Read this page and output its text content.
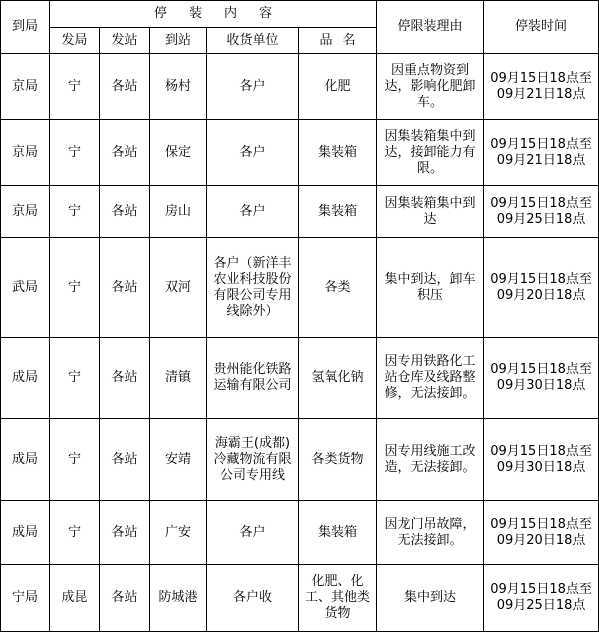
到局	停装内容					停限装理由	停装时间
	发局	发站	到站	收货单位	品名		
京局	宁	各站	杨村	各户	化肥	因重点物资到达，影响化肥卸车。	09月15日18点至
09月21日18点

京局	宁	各站	保定	各户	集装箱	因集装箱集中到达，接卸能力有限。	09月15日18点至
09月21日18点

京局	宁	各站	房山	各户	集装箱	因集装箱集中到达	09月15日18点至
09月25日18点

武局	宁	各站	双河	各户（新洋丰农业科技股份有限公司专用线除外）	各类	集中到达，卸车积压	09月15日18点至
09月20日18点

成局	宁	各站	清镇	贵州能化铁路运输有限公司	氢氧化钠	因专用铁路化工站仓库及线路整修，无法接卸。	09月15日18点至
09月30日18点

成局	宁	各站	安靖	海霸王(成都)冷藏物流有限公司专用线	各类货物	因专用线施工改造，无法接卸。	09月15日18点至
09月30日18点

成局	宁	各站	广安	各户	集装箱	因龙门吊故障，无法接卸。	09月15日18点至
09月20日18点

宁局	成昆	各站	防城港	各户收	化肥、化工、其他类货物	集中到达	09月15日18点至
09月25日18点
